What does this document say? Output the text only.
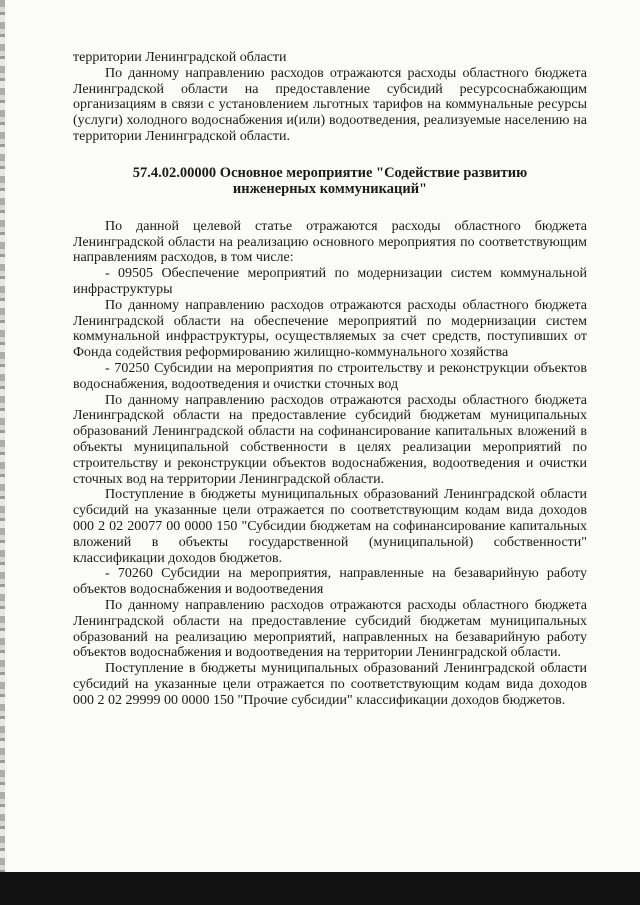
территории Ленинградской области

По данному направлению расходов отражаются расходы областного бюджета Ленинградской области на предоставление субсидий ресурсоснабжающим организациям в связи с установлением льготных тарифов на коммунальные ресурсы (услуги) холодного водоснабжения и(или) водоотведения, реализуемые населению на территории Ленинградской области.

57.4.02.00000 Основное мероприятие "Содействие развитию инженерных коммуникаций"

По данной целевой статье отражаются расходы областного бюджета Ленинградской области на реализацию основного мероприятия по соответствующим направлениям расходов, в том числе:

- 09505 Обеспечение мероприятий по модернизации систем коммунальной инфраструктуры

По данному направлению расходов отражаются расходы областного бюджета Ленинградской области на обеспечение мероприятий по модернизации систем коммунальной инфраструктуры, осуществляемых за счет средств, поступивших от Фонда содействия реформированию жилищно-коммунального хозяйства

- 70250 Субсидии на мероприятия по строительству и реконструкции объектов водоснабжения, водоотведения и очистки сточных вод

По данному направлению расходов отражаются расходы областного бюджета Ленинградской области на предоставление субсидий бюджетам муниципальных образований Ленинградской области на софинансирование капитальных вложений в объекты муниципальной собственности в целях реализации мероприятий по строительству и реконструкции объектов водоснабжения, водоотведения и очистки сточных вод на территории Ленинградской области.

Поступление в бюджеты муниципальных образований Ленинградской области субсидий на указанные цели отражается по соответствующим кодам вида доходов 000 2 02 20077 00 0000 150 "Субсидии бюджетам на софинансирование капитальных вложений в объекты государственной (муниципальной) собственности" классификации доходов бюджетов.

- 70260 Субсидии на мероприятия, направленные на безаварийную работу объектов водоснабжения и водоотведения

По данному направлению расходов отражаются расходы областного бюджета Ленинградской области на предоставление субсидий бюджетам муниципальных образований на реализацию мероприятий, направленных на безаварийную работу объектов водоснабжения и водоотведения на территории Ленинградской области.

Поступление в бюджеты муниципальных образований Ленинградской области субсидий на указанные цели отражается по соответствующим кодам вида доходов 000 2 02 29999 00 0000 150 "Прочие субсидии" классификации доходов бюджетов.
